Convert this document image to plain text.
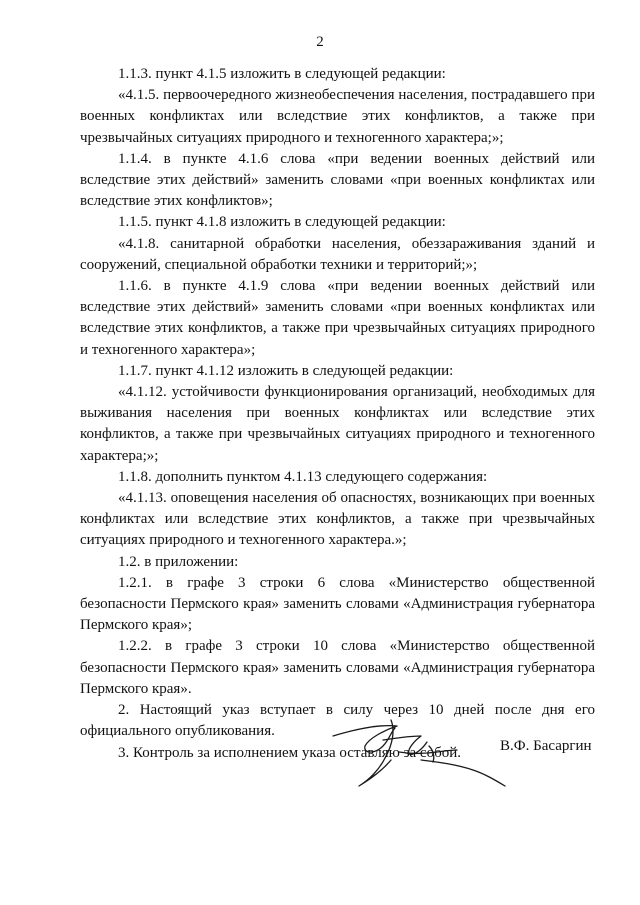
2

1.1.3. пункт 4.1.5 изложить в следующей редакции:

«4.1.5. первоочередного жизнеобеспечения населения, пострадавшего при военных конфликтах или вследствие этих конфликтов, а также при чрезвычайных ситуациях природного и техногенного характера;»;

1.1.4. в пункте 4.1.6 слова «при ведении военных действий или вследствие этих действий» заменить словами «при военных конфликтах или вследствие этих конфликтов»;

1.1.5. пункт 4.1.8 изложить в следующей редакции:

«4.1.8. санитарной обработки населения, обеззараживания зданий и сооружений, специальной обработки техники и территорий;»;

1.1.6. в пункте 4.1.9 слова «при ведении военных действий или вследствие этих действий» заменить словами «при военных конфликтах или вследствие этих конфликтов, а также при чрезвычайных ситуациях природного и техногенного характера»;

1.1.7. пункт 4.1.12 изложить в следующей редакции:

«4.1.12. устойчивости функционирования организаций, необходимых для выживания населения при военных конфликтах или вследствие этих конфликтов, а также при чрезвычайных ситуациях природного и техногенного характера;»;

1.1.8. дополнить пунктом 4.1.13 следующего содержания:

«4.1.13. оповещения населения об опасностях, возникающих при военных конфликтах или вследствие этих конфликтов, а также при чрезвычайных ситуациях природного и техногенного характера.»;

1.2. в приложении:

1.2.1. в графе 3 строки 6 слова «Министерство общественной безопасности Пермского края» заменить словами «Администрация губернатора Пермского края»;

1.2.2. в графе 3 строки 10 слова «Министерство общественной безопасности Пермского края» заменить словами «Администрация губернатора Пермского края».

2. Настоящий указ вступает в силу через 10 дней после дня его официального опубликования.

3. Контроль за исполнением указа оставляю за собой.	В.Ф. Басаргин
